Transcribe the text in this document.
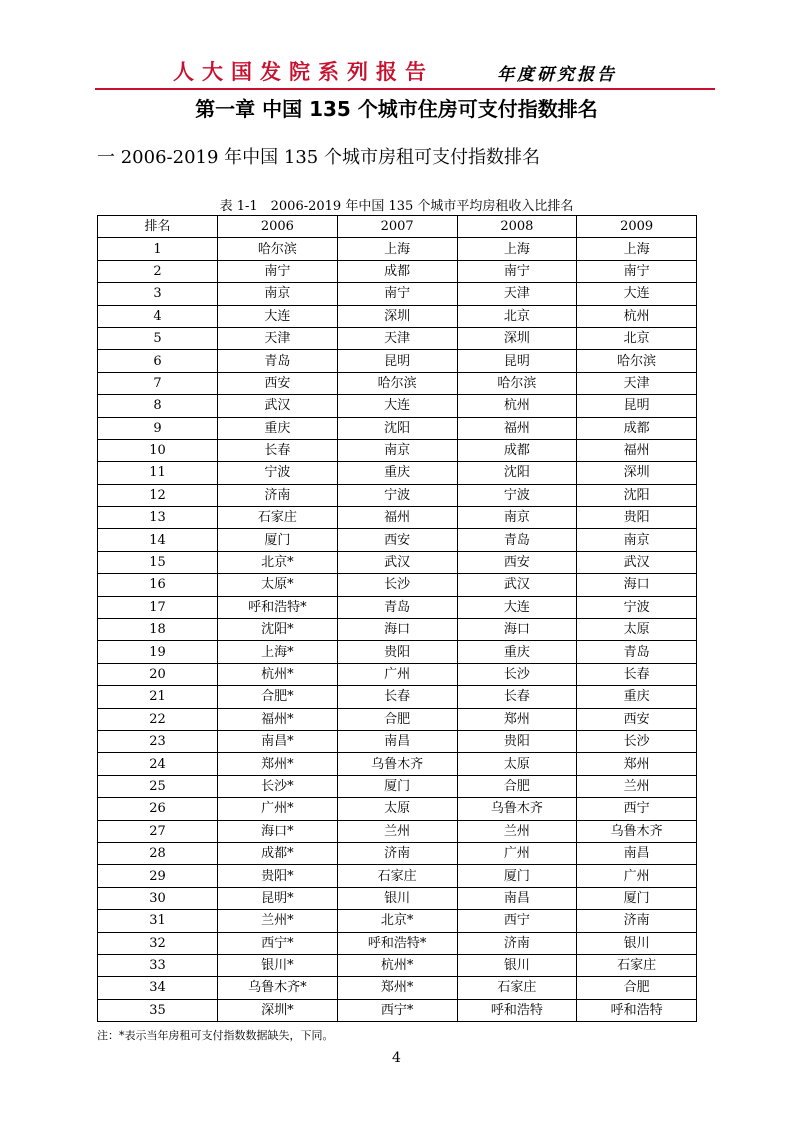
人大国发院系列报告	年度研究报告
第一章 中国 135 个城市住房可支付指数排名
一 2006-2019 年中国 135 个城市房租可支付指数排名
表 1-1　2006-2019 年中国 135 个城市平均房租收入比排名
排名	2006	2007	2008	2009
1	哈尔滨	上海	上海	上海
2	南宁	成都	南宁	南宁
3	南京	南宁	天津	大连
4	大连	深圳	北京	杭州
5	天津	天津	深圳	北京
6	青岛	昆明	昆明	哈尔滨
7	西安	哈尔滨	哈尔滨	天津
8	武汉	大连	杭州	昆明
9	重庆	沈阳	福州	成都
10	长春	南京	成都	福州
11	宁波	重庆	沈阳	深圳
12	济南	宁波	宁波	沈阳
13	石家庄	福州	南京	贵阳
14	厦门	西安	青岛	南京
15	北京*	武汉	西安	武汉
16	太原*	长沙	武汉	海口
17	呼和浩特*	青岛	大连	宁波
18	沈阳*	海口	海口	太原
19	上海*	贵阳	重庆	青岛
20	杭州*	广州	长沙	长春
21	合肥*	长春	长春	重庆
22	福州*	合肥	郑州	西安
23	南昌*	南昌	贵阳	长沙
24	郑州*	乌鲁木齐	太原	郑州
25	长沙*	厦门	合肥	兰州
26	广州*	太原	乌鲁木齐	西宁
27	海口*	兰州	兰州	乌鲁木齐
28	成都*	济南	广州	南昌
29	贵阳*	石家庄	厦门	广州
30	昆明*	银川	南昌	厦门
31	兰州*	北京*	西宁	济南
32	西宁*	呼和浩特*	济南	银川
33	银川*	杭州*	银川	石家庄
34	乌鲁木齐*	郑州*	石家庄	合肥
35	深圳*	西宁*	呼和浩特	呼和浩特
注：*表示当年房租可支付指数数据缺失，下同。
4
